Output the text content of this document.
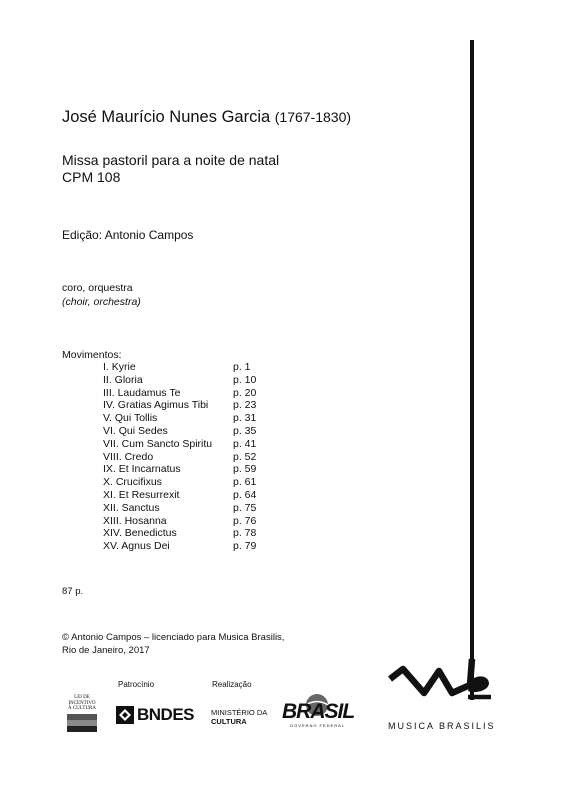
José Maurício Nunes Garcia (1767-1830)
Missa pastoril para a noite de natal
CPM 108
Edição: Antonio Campos
coro, orquestra
(choir, orchestra)
Movimentos:
I. Kyrie	p. 1
II. Gloria	p. 10
III. Laudamus Te	p. 20
IV. Gratias Agimus Tibi p. 23
V. Qui Tollis	p. 31
VI. Qui Sedes	p. 35
VII. Cum Sancto Spiritu p. 41
VIII. Credo	p. 52
IX. Et Incarnatus	p. 59
X. Crucifixus	p. 61
XI. Et Resurrexit	p. 64
XII. Sanctus	p. 75
XIII. Hosanna	p. 76
XIV. Benedictus	p. 78
XV. Agnus Dei	p. 79
87 p.
© Antonio Campos – licenciado para Musica Brasilis,
Rio de Janeiro, 2017
Patrocínio	Realização
LEI DE
INCENTIVO
À CULTURA BNDES MINISTÉRIO DA
CULTURA	BRASIL
GOVERNO FEDERAL	MUSICA BRASILIS
